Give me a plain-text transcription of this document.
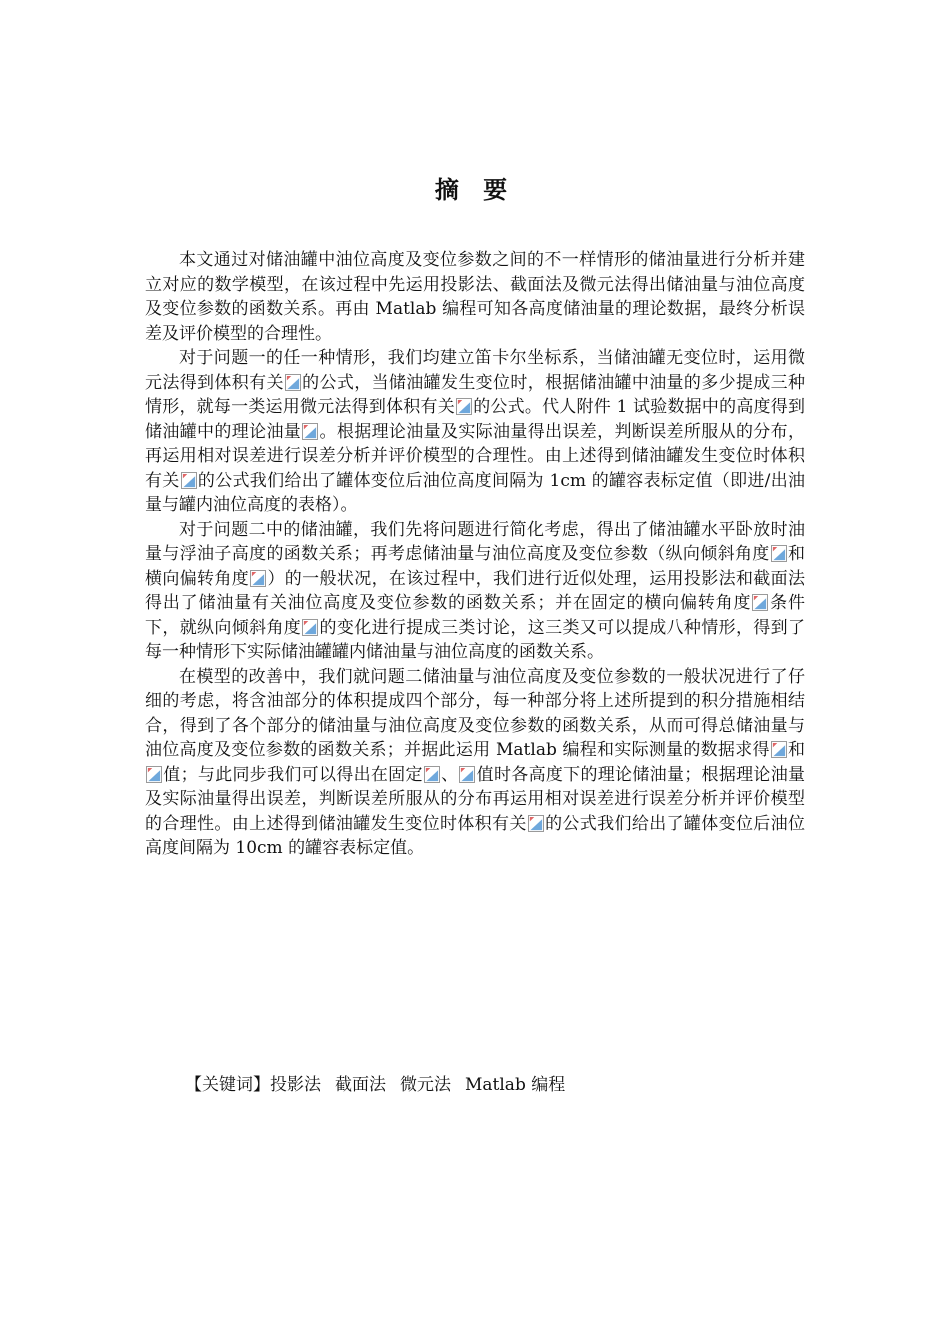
摘 要

本文通过对储油罐中油位高度及变位参数之间的不一样情形的储油量进行分析并建立对应的数学模型，在该过程中先运用投影法、截面法及微元法得出储油量与油位高度及变位参数的函数关系。再由 Matlab 编程可知各高度储油量的理论数据，最终分析误差及评价模型的合理性。

对于问题一的任一种情形，我们均建立笛卡尔坐标系，当储油罐无变位时，运用微元法得到体积有关 的公式，当储油罐发生变位时，根据储油罐中油量的多少提成三种情形，就每一类运用微元法得到体积有关 的公式。代人附件 1 试验数据中的高度得到储油罐中的理论油量 。根据理论油量及实际油量得出误差，判断误差所服从的分布，再运用相对误差进行误差分析并评价模型的合理性。由上述得到储油罐发生变位时体积有关 的公式我们给出了罐体变位后油位高度间隔为 1cm 的罐容表标定值（即进/出油量与罐内油位高度的表格）。

对于问题二中的储油罐，我们先将问题进行简化考虑，得出了储油罐水平卧放时油量与浮油子高度的函数关系；再考虑储油量与油位高度及变位参数（纵向倾斜角度 和横向偏转角度 ）的一般状况，在该过程中，我们进行近似处理，运用投影法和截面法得出了储油量有关油位高度及变位参数的函数关系；并在固定的横向偏转角度 条件下，就纵向倾斜角度 的变化进行提成三类讨论，这三类又可以提成八种情形，得到了每一种情形下实际储油罐罐内储油量与油位高度的函数关系。

在模型的改善中，我们就问题二储油量与油位高度及变位参数的一般状况进行了仔细的考虑，将含油部分的体积提成四个部分，每一种部分将上述所提到的积分措施相结合，得到了各个部分的储油量与油位高度及变位参数的函数关系，从而可得总储油量与油位高度及变位参数的函数关系；并据此运用 Matlab 编程和实际测量的数据求得 和
值；与此同步我们可以得出在固定 、 值时各高度下的理论储油量；根据理论油量及实际油量得出误差，判断误差所服从的分布再运用相对误差进行误差分析并评价模型的合理性。由上述得到储油罐发生变位时体积有关 的公式我们给出了罐体变位后油位高度间隔为 10cm 的罐容表标定值。

【关键词】投影法 截面法 微元法 Matlab 编程
